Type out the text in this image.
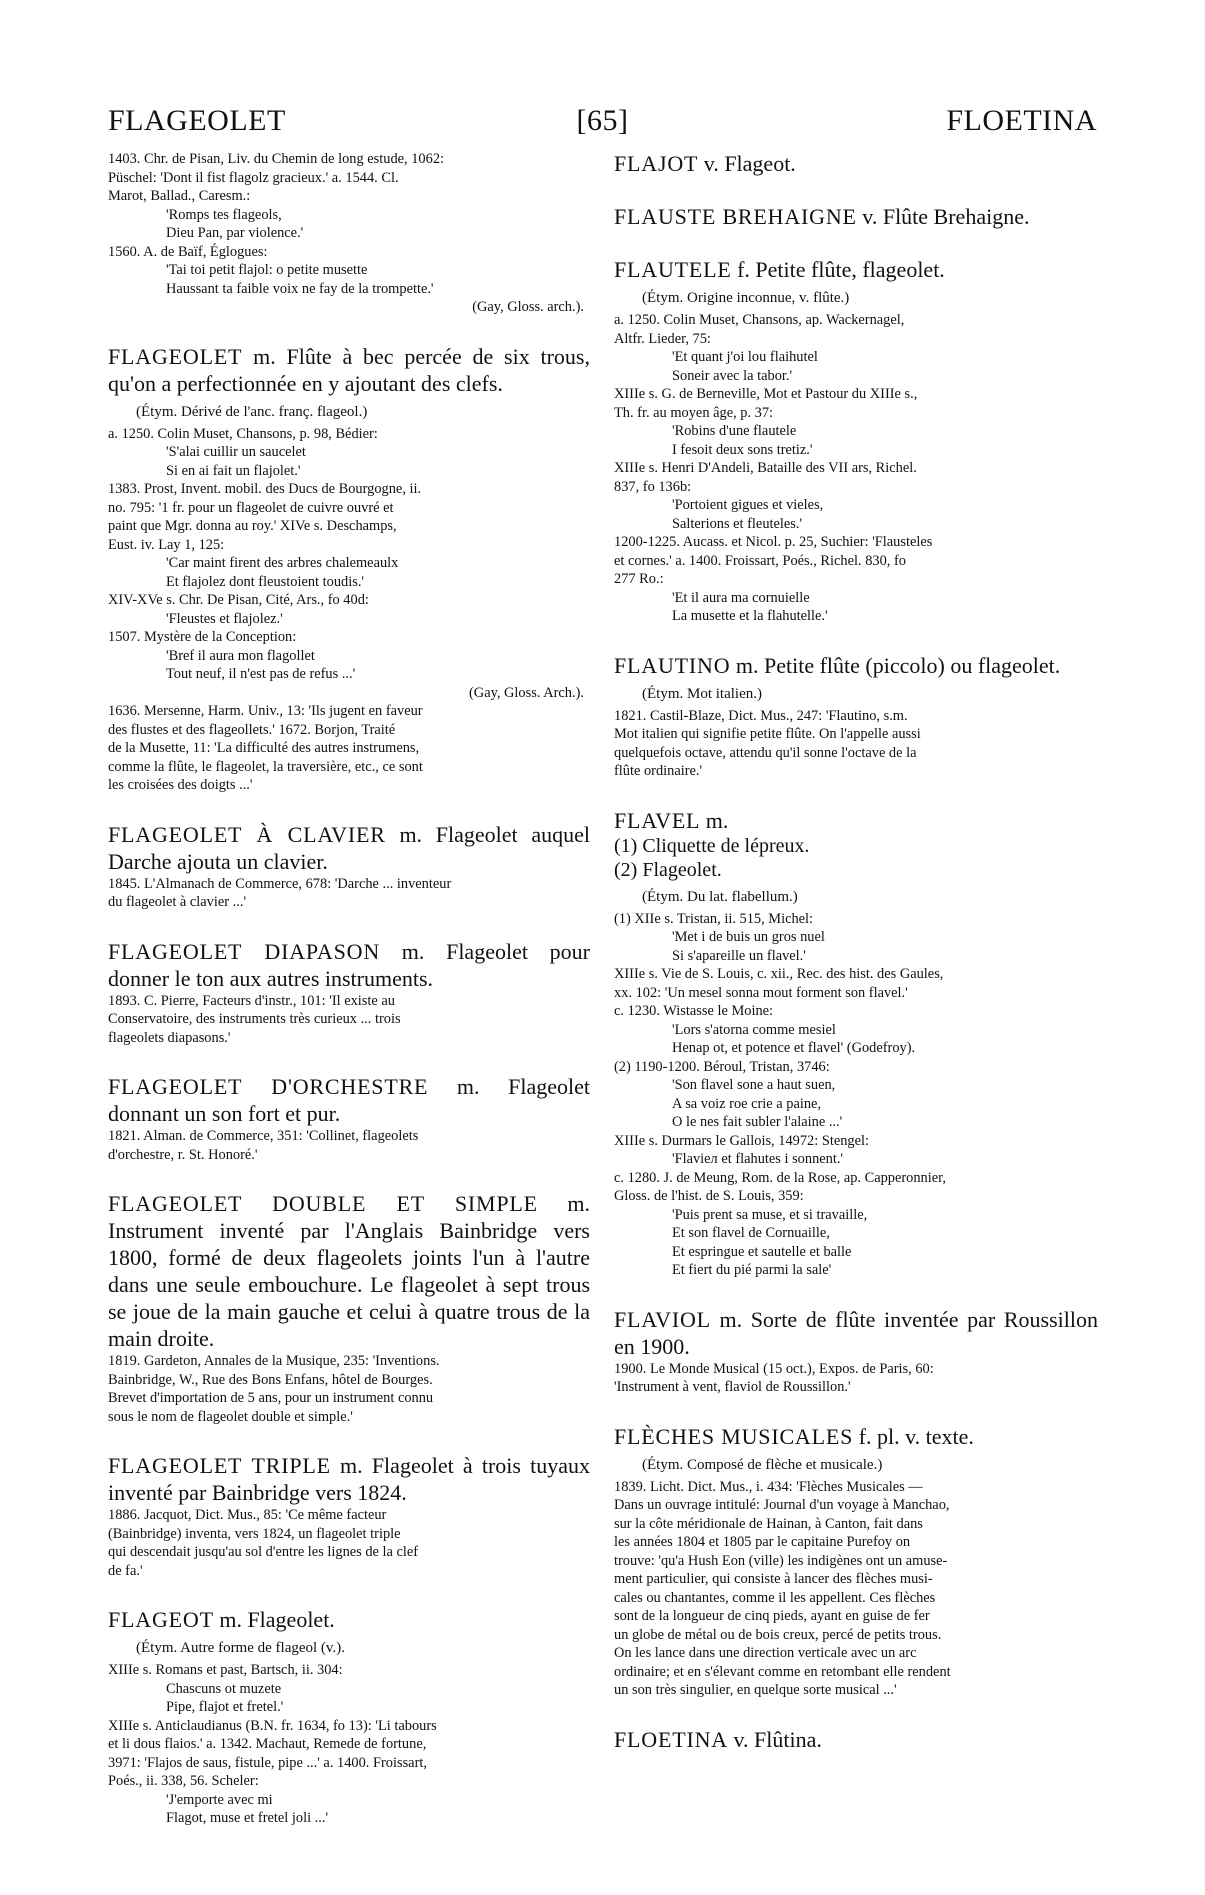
FLAGEOLET	[65]	FLOETINA

1403. Chr. de Pisan, Liv. du Chemin de long estude, 1062:

Püschel: 'Dont il fist flagolz gracieux.' a. 1544. Cl.

Marot, Ballad., Caresm.:

'Romps tes flageols,

Dieu Pan, par violence.'

1560. A. de Baïf, Églogues:

'Tai toi petit flajol: o petite musette

Haussant ta faible voix ne fay de la trompette.'

(Gay, Gloss. arch.).

FLAGEOLET m. Flûte à bec percée de six trous, qu'on a perfectionnée en y ajoutant des clefs.

(Étym. Dérivé de l'anc. franç. flageol.)

a. 1250. Colin Muset, Chansons, p. 98, Bédier:

'S'alai cuillir un saucelet

Si en ai fait un flajolet.'

1383. Prost, Invent. mobil. des Ducs de Bourgogne, ii.

no. 795: '1 fr. pour un flageolet de cuivre ouvré et

paint que Mgr. donna au roy.' XIVe s. Deschamps,

Eust. iv. Lay 1, 125:

'Car maint firent des arbres chalemeaulx

Et flajolez dont fleustoient toudis.'

XIV-XVe s. Chr. De Pisan, Cité, Ars., fo 40d:

'Fleustes et flajolez.'

1507. Mystère de la Conception:

'Bref il aura mon flagollet

Tout neuf, il n'est pas de refus ...'

(Gay, Gloss. Arch.).

1636. Mersenne, Harm. Univ., 13: 'Ils jugent en faveur

des flustes et des flageollets.' 1672. Borjon, Traité

de la Musette, 11: 'La difficulté des autres instrumens,

comme la flûte, le flageolet, la traversière, etc., ce sont

les croisées des doigts ...'

FLAGEOLET À CLAVIER m. Flageolet auquel Darche ajouta un clavier.

1845. L'Almanach de Commerce, 678: 'Darche ... inventeur

du flageolet à clavier ...'

FLAGEOLET DIAPASON m. Flageolet pour donner le ton aux autres instruments.

1893. C. Pierre, Facteurs d'instr., 101: 'Il existe au

Conservatoire, des instruments très curieux ... trois

flageolets diapasons.'

FLAGEOLET D'ORCHESTRE m. Flageolet donnant un son fort et pur.

1821. Alman. de Commerce, 351: 'Collinet, flageolets

d'orchestre, r. St. Honoré.'

FLAGEOLET DOUBLE ET SIMPLE m. Instrument inventé par l'Anglais Bainbridge vers 1800, formé de deux flageolets joints l'un à l'autre dans une seule embouchure. Le flageolet à sept trous se joue de la main gauche et celui à quatre trous de la main droite.

1819. Gardeton, Annales de la Musique, 235: 'Inventions.

Bainbridge, W., Rue des Bons Enfans, hôtel de Bourges.

Brevet d'importation de 5 ans, pour un instrument connu

sous le nom de flageolet double et simple.'

FLAGEOLET TRIPLE m. Flageolet à trois tuyaux inventé par Bainbridge vers 1824.

1886. Jacquot, Dict. Mus., 85: 'Ce même facteur

(Bainbridge) inventa, vers 1824, un flageolet triple

qui descendait jusqu'au sol d'entre les lignes de la clef

de fa.'

FLAGEOT m. Flageolet.

(Étym. Autre forme de flageol (v.).

XIIIe s. Romans et past, Bartsch, ii. 304:

Chascuns ot muzete

Pipe, flajot et fretel.'

XIIIe s. Anticlaudianus (B.N. fr. 1634, fo 13): 'Li tabours

et li dous flaios.' a. 1342. Machaut, Remede de fortune,

3971: 'Flajos de saus, fistule, pipe ...' a. 1400. Froissart,

Poés., ii. 338, 56. Scheler:

'J'emporte avec mi

Flagot, muse et fretel joli ...'

FLAJOT v. Flageot.

FLAUSTE BREHAIGNE v. Flûte Brehaigne.

FLAUTELE f. Petite flûte, flageolet.

(Étym. Origine inconnue, v. flûte.)

a. 1250. Colin Muset, Chansons, ap. Wackernagel,

Altfr. Lieder, 75:

'Et quant j'oi lou flaihutel

Soneir avec la tabor.'

XIIIe s. G. de Berneville, Mot et Pastour du XIIIe s.,

Th. fr. au moyen âge, p. 37:

'Robins d'une flautele

I fesoit deux sons tretiz.'

XIIIe s. Henri D'Andeli, Bataille des VII ars, Richel.

837, fo 136b:

'Portoient gigues et vieles,

Salterions et fleuteles.'

1200-1225. Aucass. et Nicol. p. 25, Suchier: 'Flausteles

et cornes.' a. 1400. Froissart, Poés., Richel. 830, fo

277 Ro.:

'Et il aura ma cornuielle

La musette et la flahutelle.'

FLAUTINO m. Petite flûte (piccolo) ou flageolet.

(Étym. Mot italien.)

1821. Castil-Blaze, Dict. Mus., 247: 'Flautino, s.m.

Mot italien qui signifie petite flûte. On l'appelle aussi

quelquefois octave, attendu qu'il sonne l'octave de la

flûte ordinaire.'

FLAVEL m.

(1) Cliquette de lépreux.

(2) Flageolet.

(Étym. Du lat. flabellum.)

(1) XIIe s. Tristan, ii. 515, Michel:

'Met i de buis un gros nuel

Si s'apareille un flavel.'

XIIIe s. Vie de S. Louis, c. xii., Rec. des hist. des Gaules,

xx. 102: 'Un mesel sonna mout forment son flavel.'

c. 1230. Wistasse le Moine:

'Lors s'atorna comme mesiel

Henap ot, et potence et flavel' (Godefroy).

(2) 1190-1200. Béroul, Tristan, 3746:

'Son flavel sone a haut suen,

A sa voiz roe crie a paine,

O le nes fait subler l'alaine ...'

XIIIe s. Durmars le Gallois, 14972: Stengel:

'Flavieл et flahutes i sonnent.'

c. 1280. J. de Meung, Rom. de la Rose, ap. Capperonnier,

Gloss. de l'hist. de S. Louis, 359:

'Puis prent sa muse, et si travaille,

Et son flavel de Cornuaille,

Et espringue et sautelle et balle

Et fiert du pié parmi la sale'

FLAVIOL m. Sorte de flûte inventée par Roussillon en 1900.

1900. Le Monde Musical (15 oct.), Expos. de Paris, 60:

'Instrument à vent, flaviol de Roussillon.'

FLÈCHES MUSICALES f. pl. v. texte.

(Étym. Composé de flèche et musicale.)

1839. Licht. Dict. Mus., i. 434: 'Flèches Musicales —

Dans un ouvrage intitulé: Journal d'un voyage à Manchao,

sur la côte méridionale de Hainan, à Canton, fait dans

les années 1804 et 1805 par le capitaine Purefoy on

trouve: 'qu'a Hush Eon (ville) les indigènes ont un amuse-

ment particulier, qui consiste à lancer des flèches musi-

cales ou chantantes, comme il les appellent. Ces flèches

sont de la longueur de cinq pieds, ayant en guise de fer

un globe de métal ou de bois creux, percé de petits trous.

On les lance dans une direction verticale avec un arc

ordinaire; et en s'élevant comme en retombant elle rendent

un son très singulier, en quelque sorte musical ...'

FLOETINA v. Flûtina.
